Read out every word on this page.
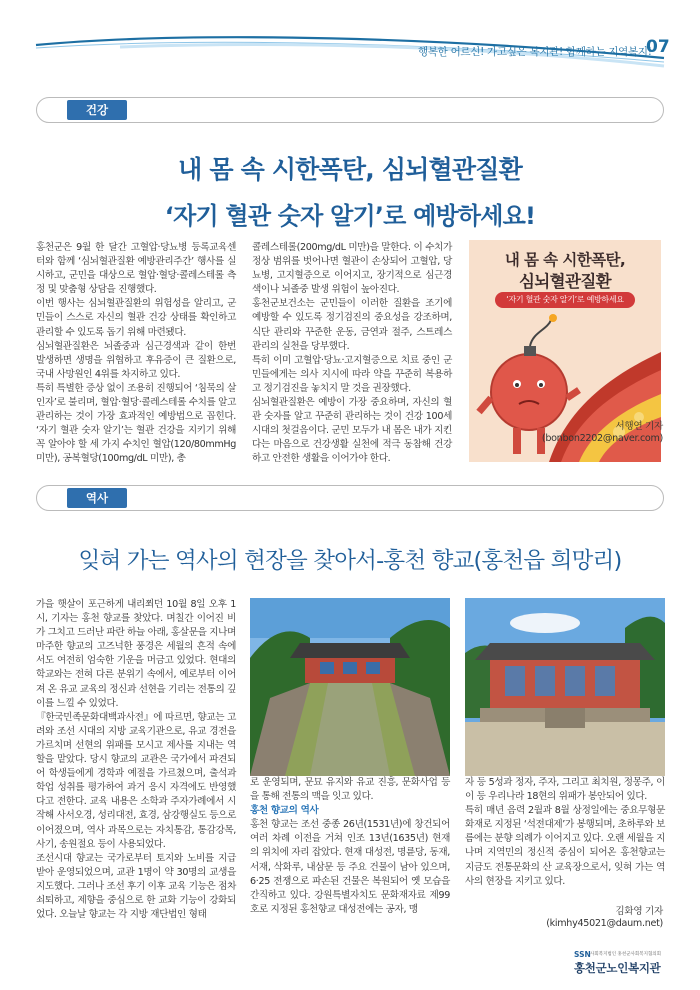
행복한 어르신! 가고싶은 복지관! 함께하는 지역복지!
07
건강
내 몸 속 시한폭탄, 심뇌혈관질환
‘자기 혈관 숫자 알기’로 예방하세요!

홍천군은 9월 한 달간 고혈압·당뇨병 등록교육센터와 함께 ‘심뇌혈관질환 예방관리주간’ 행사를 실시하고, 군민을 대상으로 혈압·혈당·콜레스테롤 측정 및 맞춤형 상담을 진행했다.

이번 행사는 심뇌혈관질환의 위험성을 알리고, 군민들이 스스로 자신의 혈관 건강 상태를 확인하고 관리할 수 있도록 돕기 위해 마련됐다.

심뇌혈관질환은 뇌졸중과 심근경색과 같이 한번 발생하면 생명을 위협하고 후유증이 큰 질환으로, 국내 사망원인 4위를 차지하고 있다.

특히 특별한 증상 없이 조용히 진행되어 ‘침묵의 살인자’로 불리며, 혈압·혈당·콜레스테롤 수치를 알고 관리하는 것이 가장 효과적인 예방법으로 꼽힌다. ‘자기 혈관 숫자 알기’는 혈관 건강을 지키기 위해 꼭 알아야 할 세 가지 수치인 혈압(120/80mmHg 미만), 공복혈당(100mg/dL 미만), 총

콜레스테롤(200mg/dL 미만)을 말한다. 이 수치가 정상 범위를 벗어나면 혈관이 손상되어 고혈압, 당뇨병, 고지혈증으로 이어지고, 장기적으로 심근경색이나 뇌졸중 발생 위험이 높아진다.

홍천군보건소는 군민들이 이러한 질환을 조기에 예방할 수 있도록 정기검진의 중요성을 강조하며, 식단 관리와 꾸준한 운동, 금연과 절주, 스트레스 관리의 실천을 당부했다.

특히 이미 고혈압·당뇨·고지혈증으로 치료 중인 군민들에게는 의사 지시에 따라 약을 꾸준히 복용하고 정기검진을 놓치지 말 것을 권장했다.

심뇌혈관질환은 예방이 가장 중요하며, 자신의 혈관 숫자를 알고 꾸준히 관리하는 것이 건강 100세 시대의 첫걸음이다. 군민 모두가 내 몸은 내가 지킨다는 마음으로 건강생활 실천에 적극 동참해 건강하고 안전한 생활을 이어가야 한다.

내 몸 속 시한폭탄,
심뇌혈관질환
‘자기 혈관 숫자 알기’로 예방하세요
서행연 기자
(bonbon2202@naver.com)
역사
잊혀 가는 역사의 현장을 찾아서-홍천 향교(홍천읍 희망리)

가을 햇살이 포근하게 내리쬐던 10월 8일 오후 1시, 기자는 홍천 향교를 찾았다. 며칠간 이어진 비가 그치고 드러난 파란 하늘 아래, 홍살문을 지나며 마주한 향교의 고즈넉한 풍경은 세월의 흔적 속에서도 여전히 엄숙한 기운을 머금고 있었다. 현대의 학교와는 전혀 다른 분위기 속에서, 예로부터 이어져 온 유교 교육의 정신과 선현을 기리는 전통의 깊이를 느낄 수 있었다.

『한국민족문화대백과사전』에 따르면, 향교는 고려와 조선 시대의 지방 교육기관으로, 유교 경전을 가르치며 선현의 위패를 모시고 제사를 지내는 역할을 맡았다. 당시 향교의 교관은 국가에서 파견되어 학생들에게 경학과 예절을 가르쳤으며, 출석과 학업 성취를 평가하여 과거 응시 자격에도 반영했다고 전한다. 교육 내용은 소학과 주자가례에서 시작해 사서오경, 성리대전, 효경, 삼강행실도 등으로 이어졌으며, 역사 과목으로는 자치통감, 통감강목, 사기, 송원절요 등이 사용되었다.

조선시대 향교는 국가로부터 토지와 노비를 지급받아 운영되었으며, 교관 1명이 약 30명의 교생을 지도했다. 그러나 조선 후기 이후 교육 기능은 점차 쇠퇴하고, 제향을 중심으로 한 교화 기능이 강화되었다. 오늘날 향교는 각 지방 재단법인 형태

로 운영되며, 문묘 유지와 유교 진흥, 문화사업 등을 통해 전통의 맥을 잇고 있다.

홍천 향교의 역사

홍천 향교는 조선 중종 26년(1531년)에 창건되어 여러 차례 이전을 거쳐 인조 13년(1635년) 현재의 위치에 자리 잡았다. 현재 대성전, 명륜당, 동재, 서재, 삭화루, 내삼문 등 주요 건물이 남아 있으며, 6·25 전쟁으로 파손된 건물은 복원되어 옛 모습을 간직하고 있다. 강원특별자치도 문화재자료 제99호로 지정된 홍천향교 대성전에는 공자, 맹

자 등 5성과 정자, 주자, 그리고 최치원, 정몽주, 이이 등 우리나라 18현의 위패가 봉안되어 있다.

특히 매년 음력 2월과 8월 상정일에는 중요무형문화재로 지정된 ‘석전대제’가 봉행되며, 초하루와 보름에는 분향 의례가 이어지고 있다. 오랜 세월을 지나며 지역민의 정신적 중심이 되어온 홍천향교는 지금도 전통문화의 산 교육장으로서, 잊혀 가는 역사의 현장을 지키고 있다.

김화영 기자
(kimhy45021@daum.net)
SSN 사회복지법인 홍천군사회복지협의회
홍천군노인복지관
